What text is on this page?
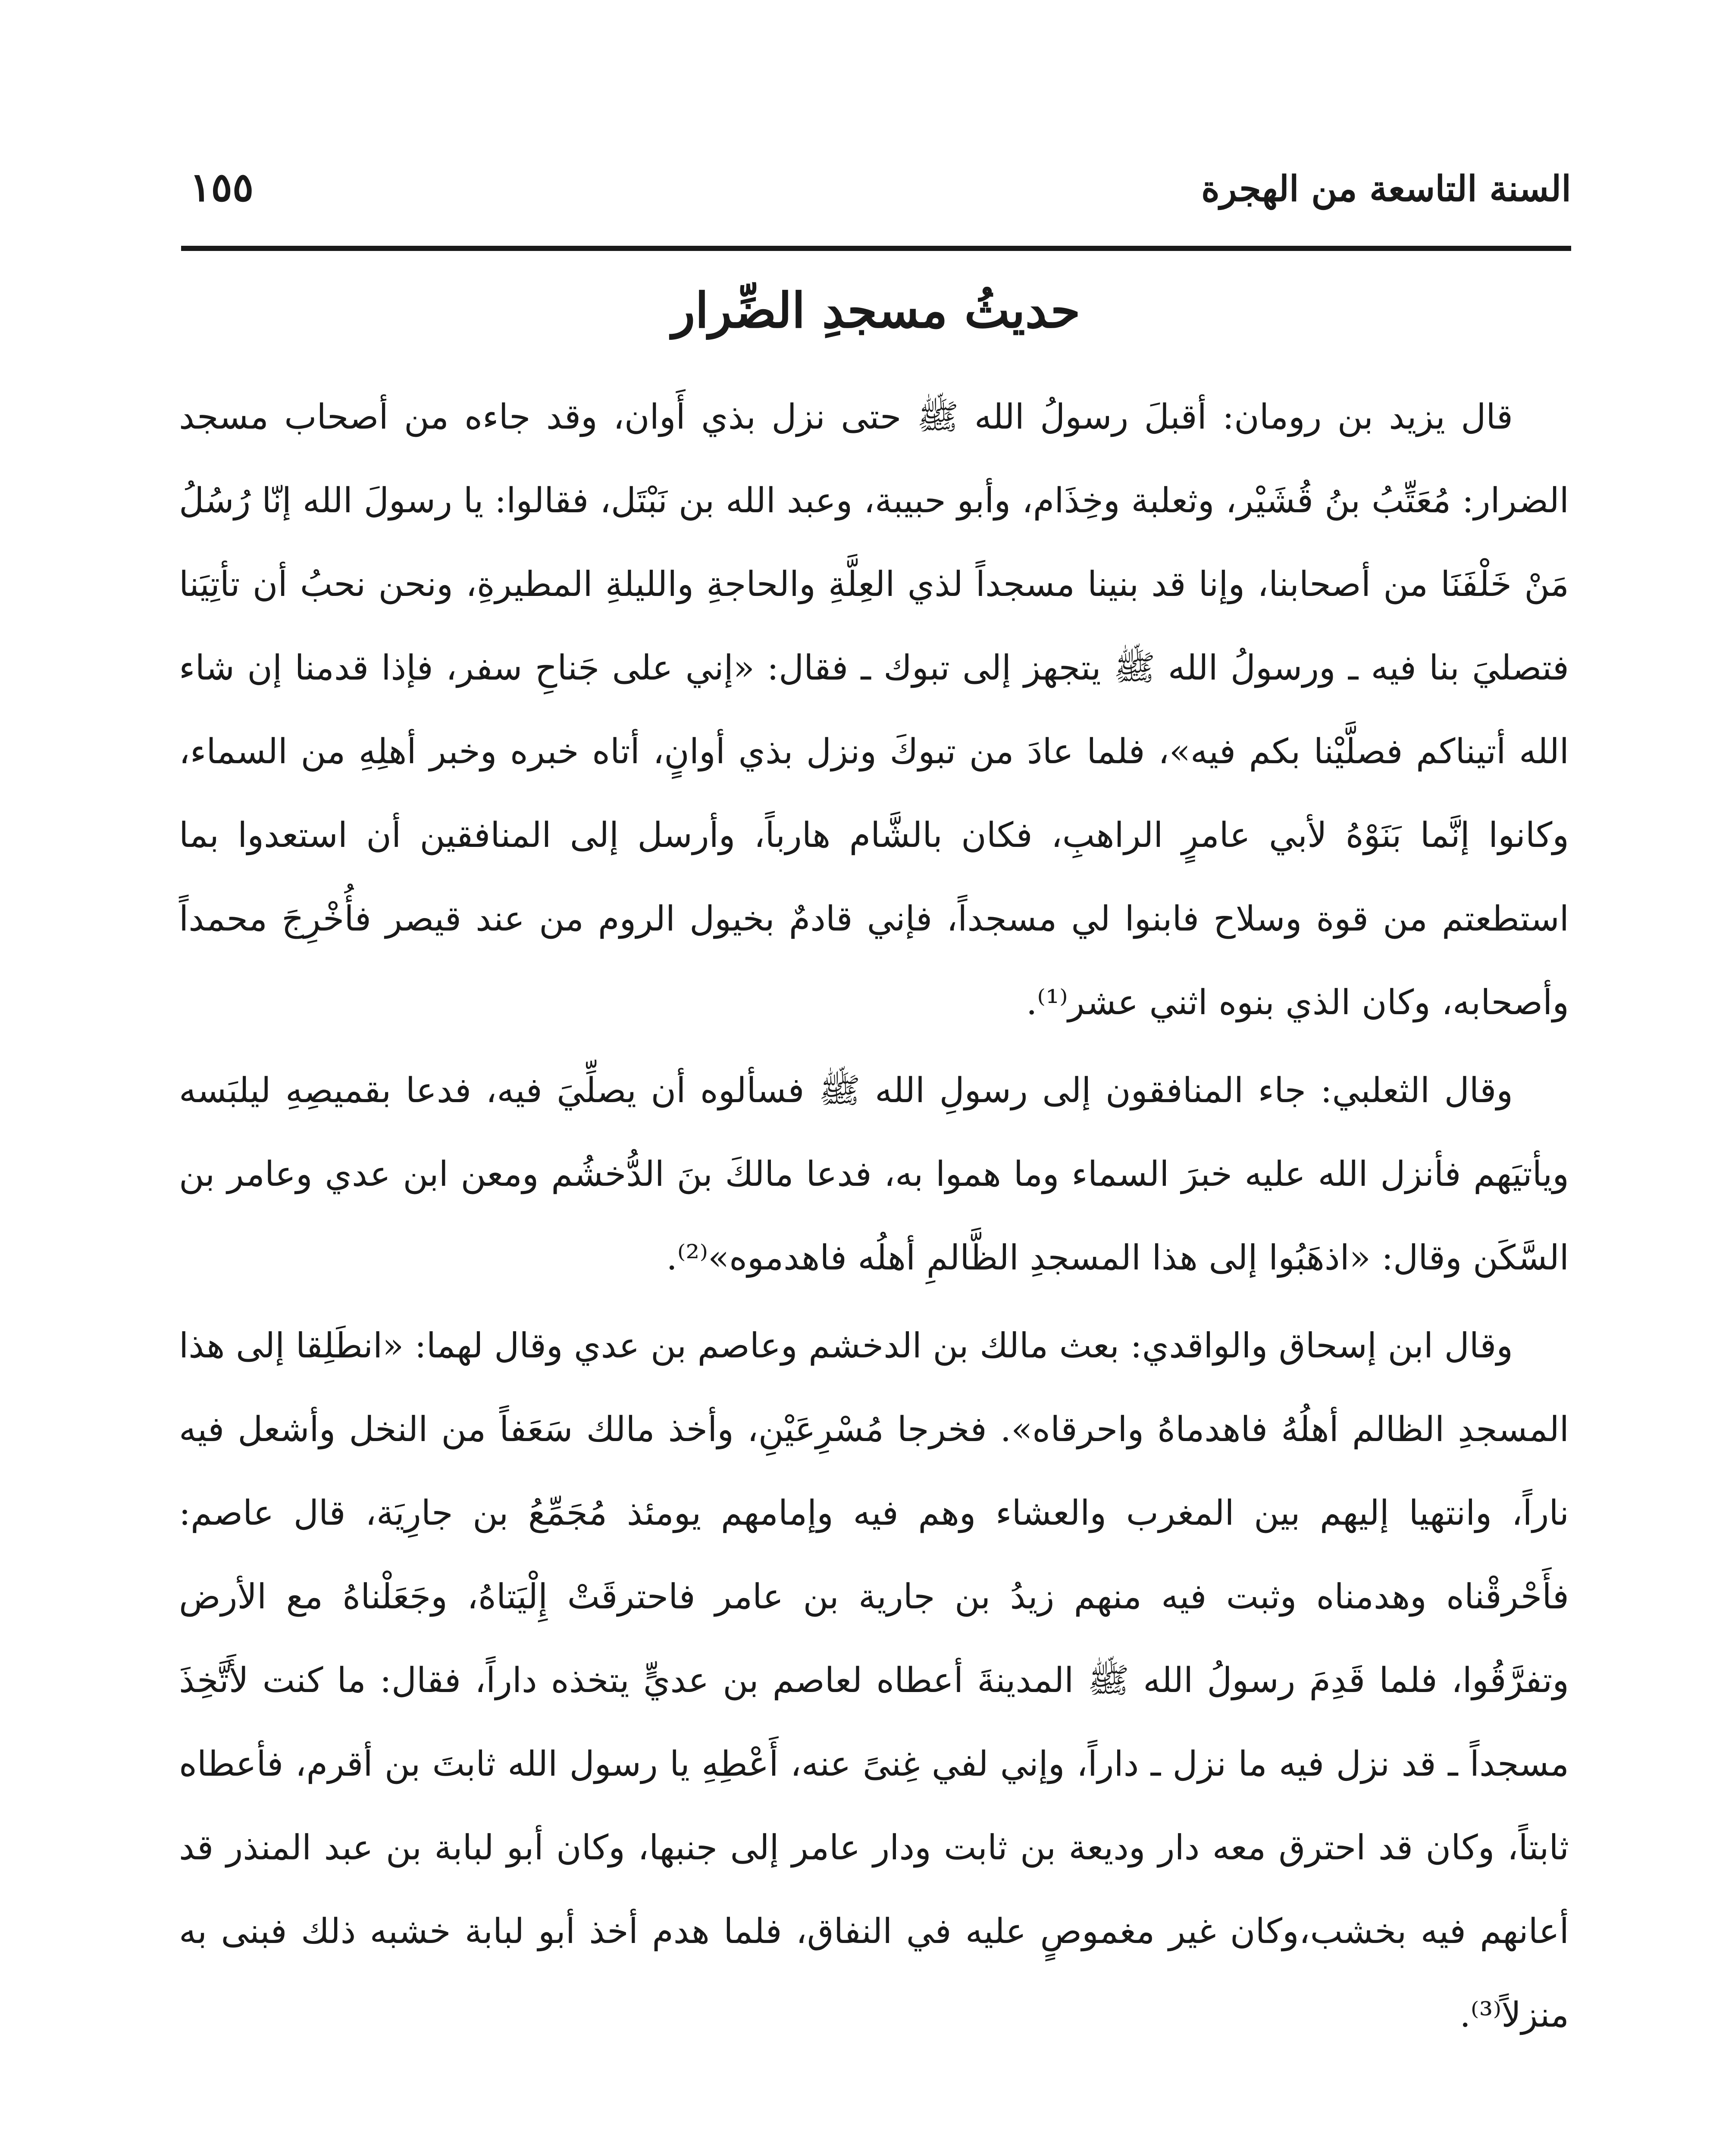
السنة التاسعة من الهجرة
١٥٥
حديثُ مسجدِ الضِّرار

قال يزيد بن رومان: أقبلَ رسولُ الله ﷺ حتى نزل بذي أَوان، وقد جاءه من أصحاب مسجد الضرار: مُعَتِّبُ بنُ قُشَيْر، وثعلبة وخِذَام، وأبو حبيبة، وعبد الله بن نَبْتَل، فقالوا: يا رسولَ الله إنّا رُسُلُ مَنْ خَلْفَنَا من أصحابنا، وإنا قد بنينا مسجداً لذي العِلَّةِ والحاجةِ والليلةِ المطيرةِ، ونحن نحبُ أن تأتِيَنا فتصليَ بنا فيه ـ ورسولُ الله ﷺ يتجهز إلى تبوك ـ فقال: «إني على جَناحِ سفر، فإذا قدمنا إن شاء الله أتيناكم فصلَّيْنا بكم فيه»، فلما عادَ من تبوكَ ونزل بذي أوانٍ، أتاه خبره وخبر أهلِهِ من السماء، وكانوا إنَّما بَنَوْهُ لأبي عامرٍ الراهبِ، فكان بالشَّام هارباً، وأرسل إلى المنافقين أن استعدوا بما استطعتم من قوة وسلاح فابنوا لي مسجداً، فإني قادمٌ بخيول الروم من عند قيصر فأُخْرِجَ محمداً وأصحابه، وكان الذي بنوه اثني عشر⁽¹⁾.

وقال الثعلبي: جاء المنافقون إلى رسولِ الله ﷺ فسألوه أن يصلِّيَ فيه، فدعا بقميصِهِ ليلبَسه ويأتيَهم فأنزل الله عليه خبرَ السماء وما هموا به، فدعا مالكَ بنَ الدُّخشُم ومعن ابن عدي وعامر بن السَّكَن وقال: «اذهَبُوا إلى هذا المسجدِ الظَّالمِ أهلُه فاهدموه»⁽²⁾.

وقال ابن إسحاق والواقدي: بعث مالك بن الدخشم وعاصم بن عدي وقال لهما: «انطَلِقا إلى هذا المسجدِ الظالم أهلُهُ فاهدماهُ واحرقاه». فخرجا مُسْرِعَيْنِ، وأخذ مالك سَعَفاً من النخل وأشعل فيه ناراً، وانتهيا إليهم بين المغرب والعشاء وهم فيه وإمامهم يومئذ مُجَمِّعُ بن جارِيَة، قال عاصم: فأَحْرقْناه وهدمناه وثبت فيه منهم زيدُ بن جارية بن عامر فاحترقَتْ إِلْيَتاهُ، وجَعَلْناهُ مع الأرض وتفرَّقُوا، فلما قَدِمَ رسولُ الله ﷺ المدينةَ أعطاه لعاصم بن عديٍّ يتخذه داراً، فقال: ما كنت لأَتَّخِذَ مسجداً ـ قد نزل فيه ما نزل ـ داراً، وإني لفي غِنىً عنه، أَعْطِهِ يا رسول الله ثابتَ بن أقرم، فأعطاه ثابتاً، وكان قد احترق معه دار وديعة بن ثابت ودار عامر إلى جنبها، وكان أبو لبابة بن عبد المنذر قد أعانهم فيه بخشب،وكان غير مغموصٍ عليه في النفاق، فلما هدم أخذ أبو لبابة خشبه ذلك فبنى به منزلاً⁽³⁾.
